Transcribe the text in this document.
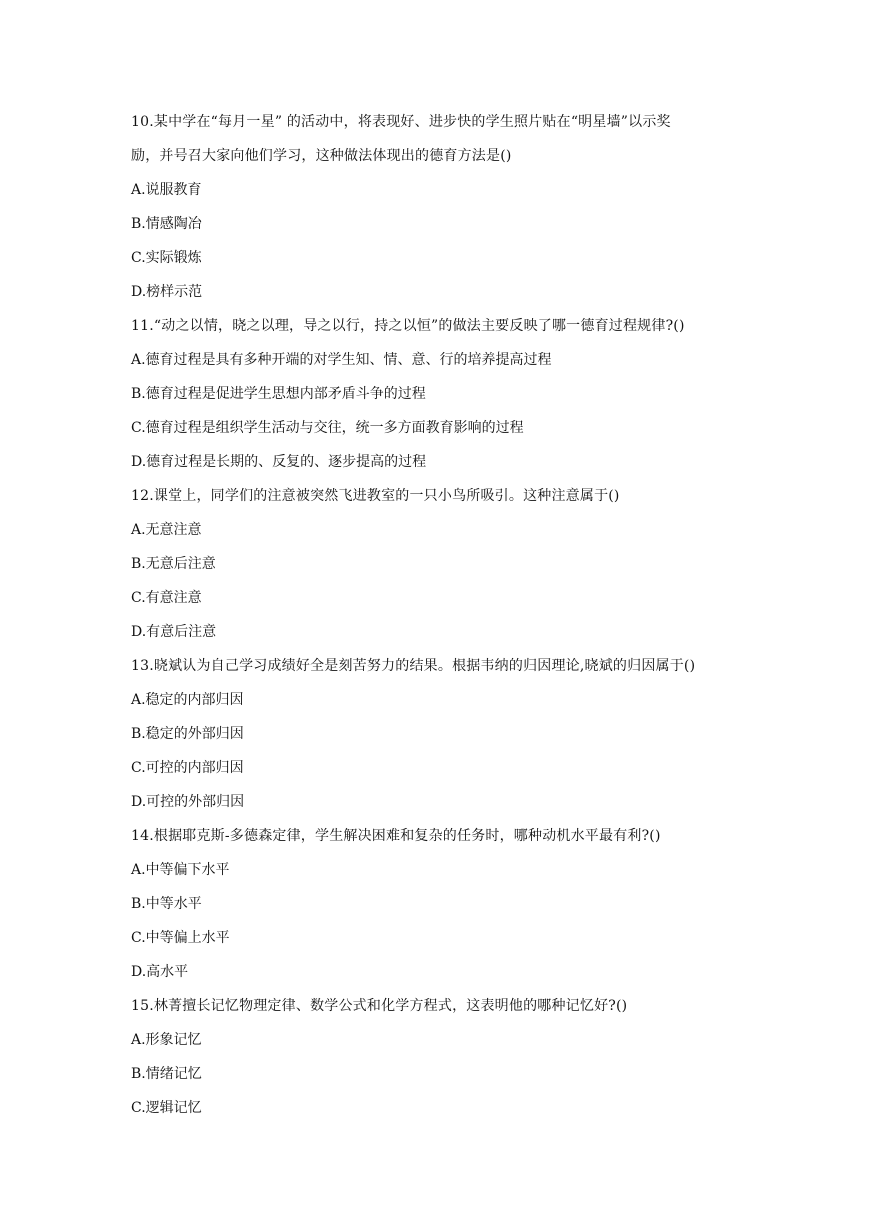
10.某中学在“每月一星” 的活动中，将表现好、进步快的学生照片贴在“明星墙”以示奖
励，并号召大家向他们学习，这种做法体现出的德育方法是()
A.说服教育
B.情感陶冶
C.实际锻炼
D.榜样示范
11.“动之以情，晓之以理，导之以行，持之以恒”的做法主要反映了哪一德育过程规律?()
A.德育过程是具有多种开端的对学生知、情、意、行的培养提高过程
B.德育过程是促进学生思想内部矛盾斗争的过程
C.德育过程是组织学生活动与交往，统一多方面教育影响的过程
D.德育过程是长期的、反复的、逐步提高的过程
12.课堂上，同学们的注意被突然飞进教室的一只小鸟所吸引。这种注意属于()
A.无意注意
B.无意后注意
C.有意注意
D.有意后注意
13.晓斌认为自己学习成绩好全是刻苦努力的结果。根据韦纳的归因理论,晓斌的归因属于()
A.稳定的内部归因
B.稳定的外部归因
C.可控的内部归因
D.可控的外部归因
14.根据耶克斯-多德森定律，学生解决困难和复杂的任务时，哪种动机水平最有利?()
A.中等偏下水平
B.中等水平
C.中等偏上水平
D.高水平
15.林菁擅长记忆物理定律、数学公式和化学方程式，这表明他的哪种记忆好?()
A.形象记忆
B.情绪记忆
C.逻辑记忆
